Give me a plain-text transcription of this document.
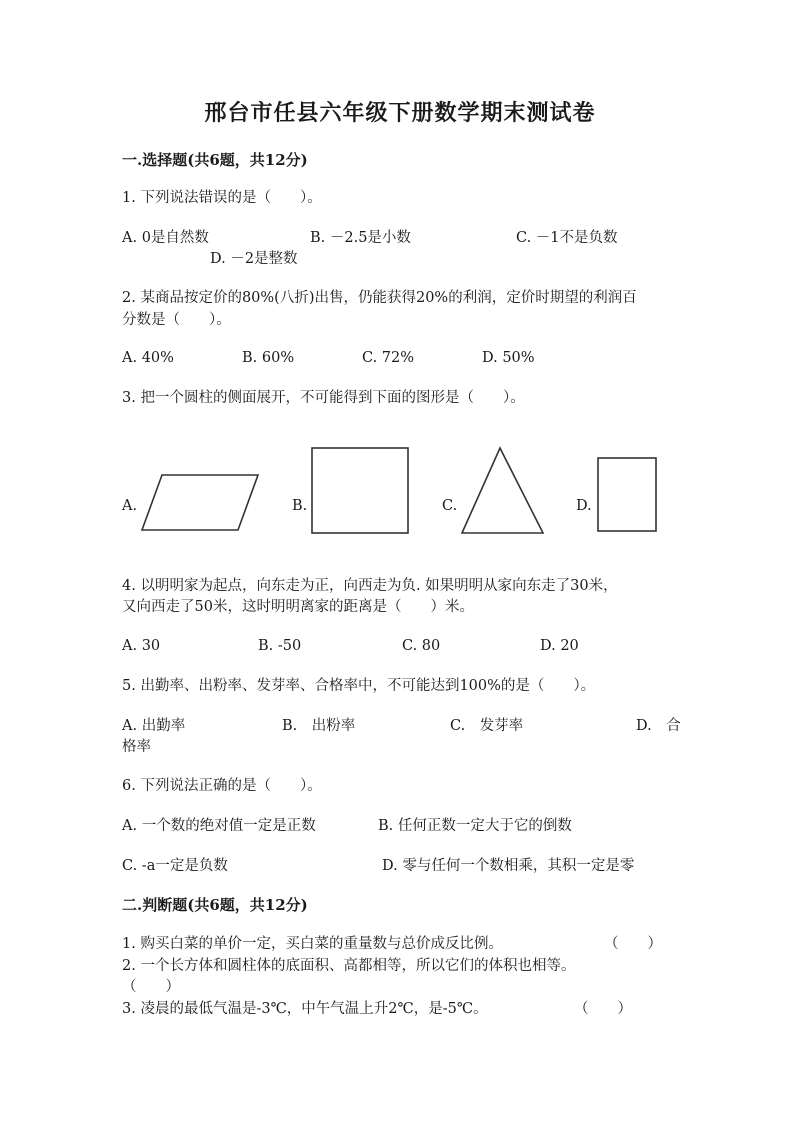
邢台市任县六年级下册数学期末测试卷
一.选择题(共6题，共12分)
1. 下列说法错误的是（　　）。
A. 0是自然数	B. －2.5是小数	C. －1不是负数
D. －2是整数
2. 某商品按定价的80%(八折)出售，仍能获得20%的利润，定价时期望的利润百
分数是（　　）。
A. 40%	B. 60%	C. 72%	D. 50%
3. 把一个圆柱的侧面展开，不可能得到下面的图形是（　　）。
A.	B.	C.	D.
4. 以明明家为起点，向东走为正，向西走为负. 如果明明从家向东走了30米，
又向西走了50米，这时明明离家的距离是（　　）米。
A. 30	B. -50	C. 80	D. 20
5. 出勤率、出粉率、发芽率、合格率中，不可能达到100%的是（　　）。
A. 出勤率	B.　出粉率	C.　发芽率	D.　合
格率
6. 下列说法正确的是（　　）。
A. 一个数的绝对值一定是正数	B. 任何正数一定大于它的倒数
C. -a一定是负数	D. 零与任何一个数相乘，其积一定是零
二.判断题(共6题，共12分)
1. 购买白菜的单价一定，买白菜的重量数与总价成反比例。	（　　）
2. 一个长方体和圆柱体的底面积、高都相等，所以它们的体积也相等。
（　　）
3. 凌晨的最低气温是-3℃，中午气温上升2℃，是-5℃。	（　　）
